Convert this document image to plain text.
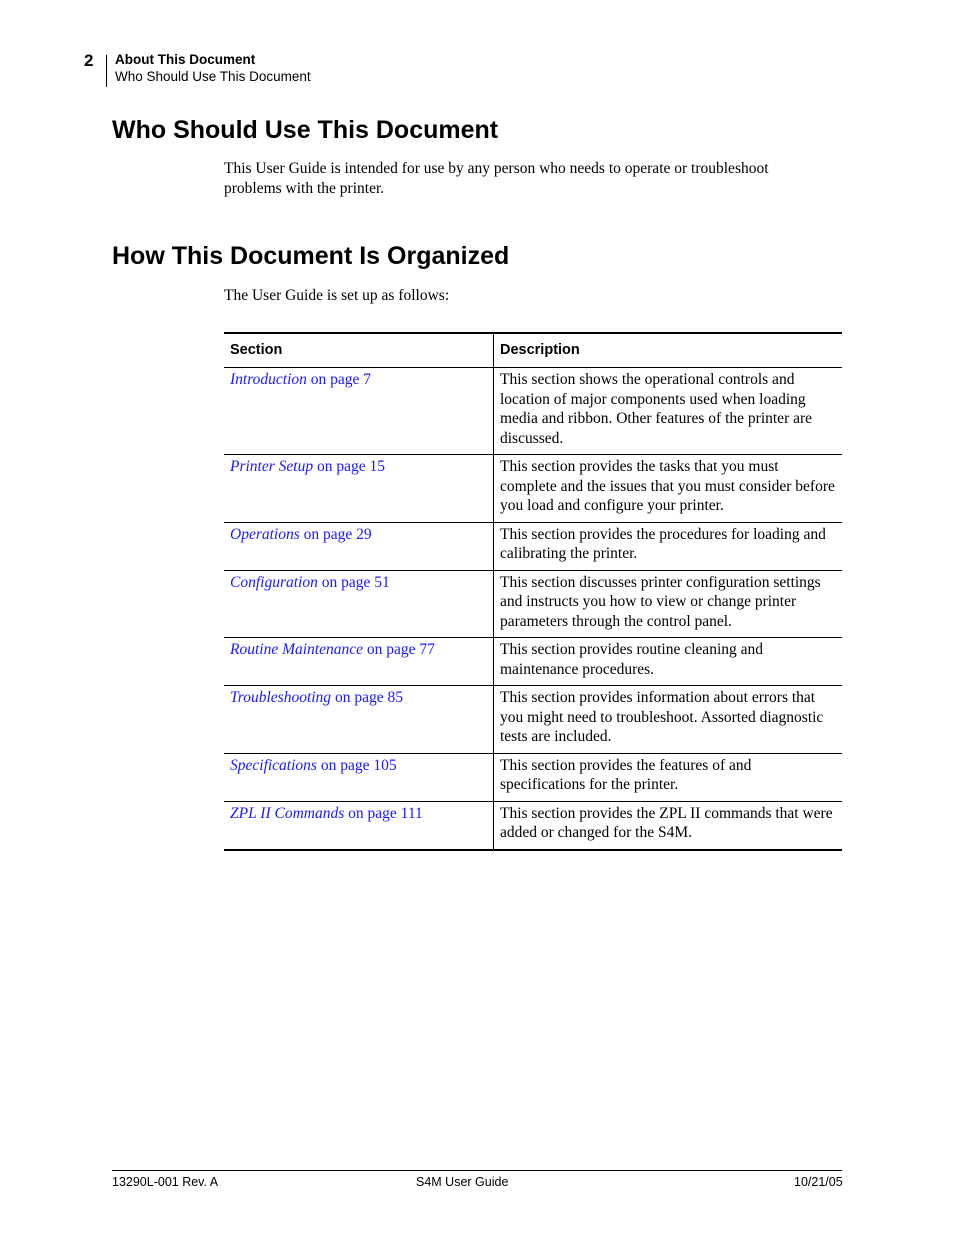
2 About This Document
Who Should Use This Document
Who Should Use This Document

This User Guide is intended for use by any person who needs to operate or troubleshoot problems with the printer.

How This Document Is Organized

The User Guide is set up as follows:

Section	Description
Introduction on page 7	This section shows the operational controls and location of major components used when loading media and ribbon. Other features of the printer are discussed.
Printer Setup on page 15	This section provides the tasks that you must complete and the issues that you must consider before you load and configure your printer.
Operations on page 29	This section provides the procedures for loading and calibrating the printer.
Configuration on page 51	This section discusses printer configuration settings and instructs you how to view or change printer parameters through the control panel.
Routine Maintenance on page 77	This section provides routine cleaning and maintenance procedures.
Troubleshooting on page 85	This section provides information about errors that you might need to troubleshoot. Assorted diagnostic tests are included.
Specifications on page 105	This section provides the features of and specifications for the printer.
ZPL II Commands on page 111	This section provides the ZPL II commands that were added or changed for the S4M.
13290L-001 Rev. A	S4M User Guide	10/21/05
